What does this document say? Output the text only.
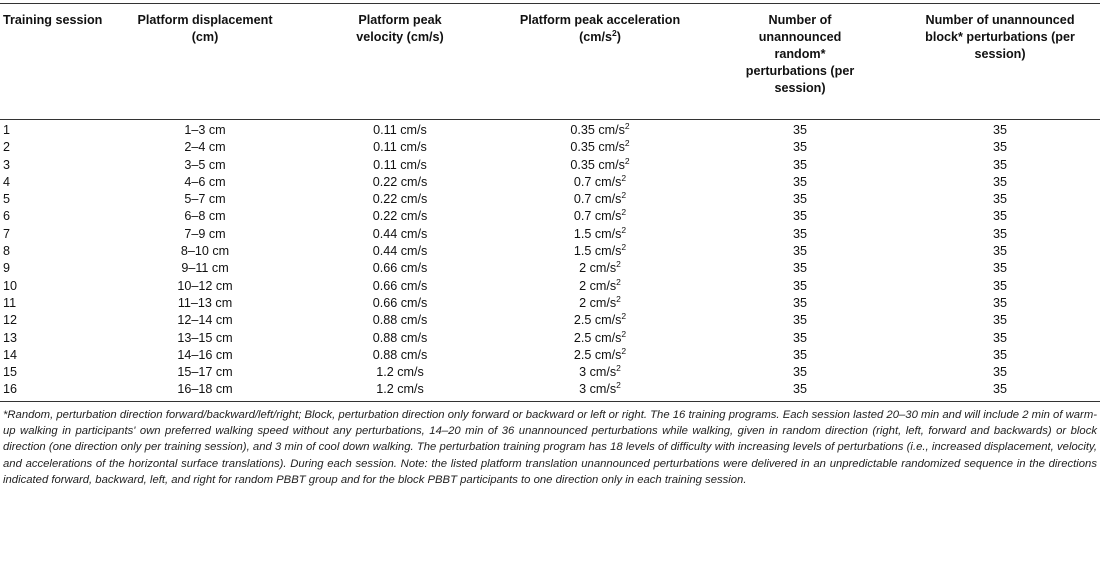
Training session	Platform displacement (cm)	Platform peak velocity (cm/s)	Platform peak acceleration $(cm/s^2)$	Number of unannounced random* perturbations (per session)	Number of unannounced block* perturbations (per session)

1	1–3 cm	0.11 cm/s	0.35 $cm/s^2$	35	35
2	2–4 cm	0.11 cm/s	0.35 $cm/s^2$	35	35
3	3–5 cm	0.11 cm/s	0.35 $cm/s^2$	35	35
4	4–6 cm	0.22 cm/s	0.7 $cm/s^2$	35	35
5	5–7 cm	0.22 cm/s	0.7 $cm/s^2$	35	35
6	6–8 cm	0.22 cm/s	0.7 $cm/s^2$	35	35
7	7–9 cm	0.44 cm/s	1.5 $cm/s^2$	35	35
8	8–10 cm	0.44 cm/s	1.5 $cm/s^2$	35	35
9	9–11 cm	0.66 cm/s	2 $cm/s^2$	35	35
10	10–12 cm	0.66 cm/s	2 $cm/s^2$	35	35
11	11–13 cm	0.66 cm/s	2 $cm/s^2$	35	35
12	12–14 cm	0.88 cm/s	2.5 $cm/s^2$	35	35
13	13–15 cm	0.88 cm/s	2.5 $cm/s^2$	35	35
14	14–16 cm	0.88 cm/s	2.5 $cm/s^2$	35	35
15	15–17 cm	1.2 cm/s	3 $cm/s^2$	35	35
16	16–18 cm	1.2 cm/s	3 $cm/s^2$	35	35
*Random, perturbation direction forward/backward/left/right; Block, perturbation direction only forward or backward or left or right. The 16 training programs. Each session lasted 20–30 min and will include 2 min of warm-up walking in participants' own preferred walking speed without any perturbations, 14–20 min of 36 unannounced perturbations while walking, given in random direction (right, left, forward and backwards) or block direction (one direction only per training session), and 3 min of cool down walking. The perturbation training program has 18 levels of difficulty with increasing levels of perturbations (i.e., increased displacement, velocity, and accelerations of the horizontal surface translations). During each session. Note: the listed platform translation unannounced perturbations were delivered in an unpredictable randomized sequence in the directions indicated forward, backward, left, and right for random PBBT group and for the block PBBT participants to one direction only in each training session.
